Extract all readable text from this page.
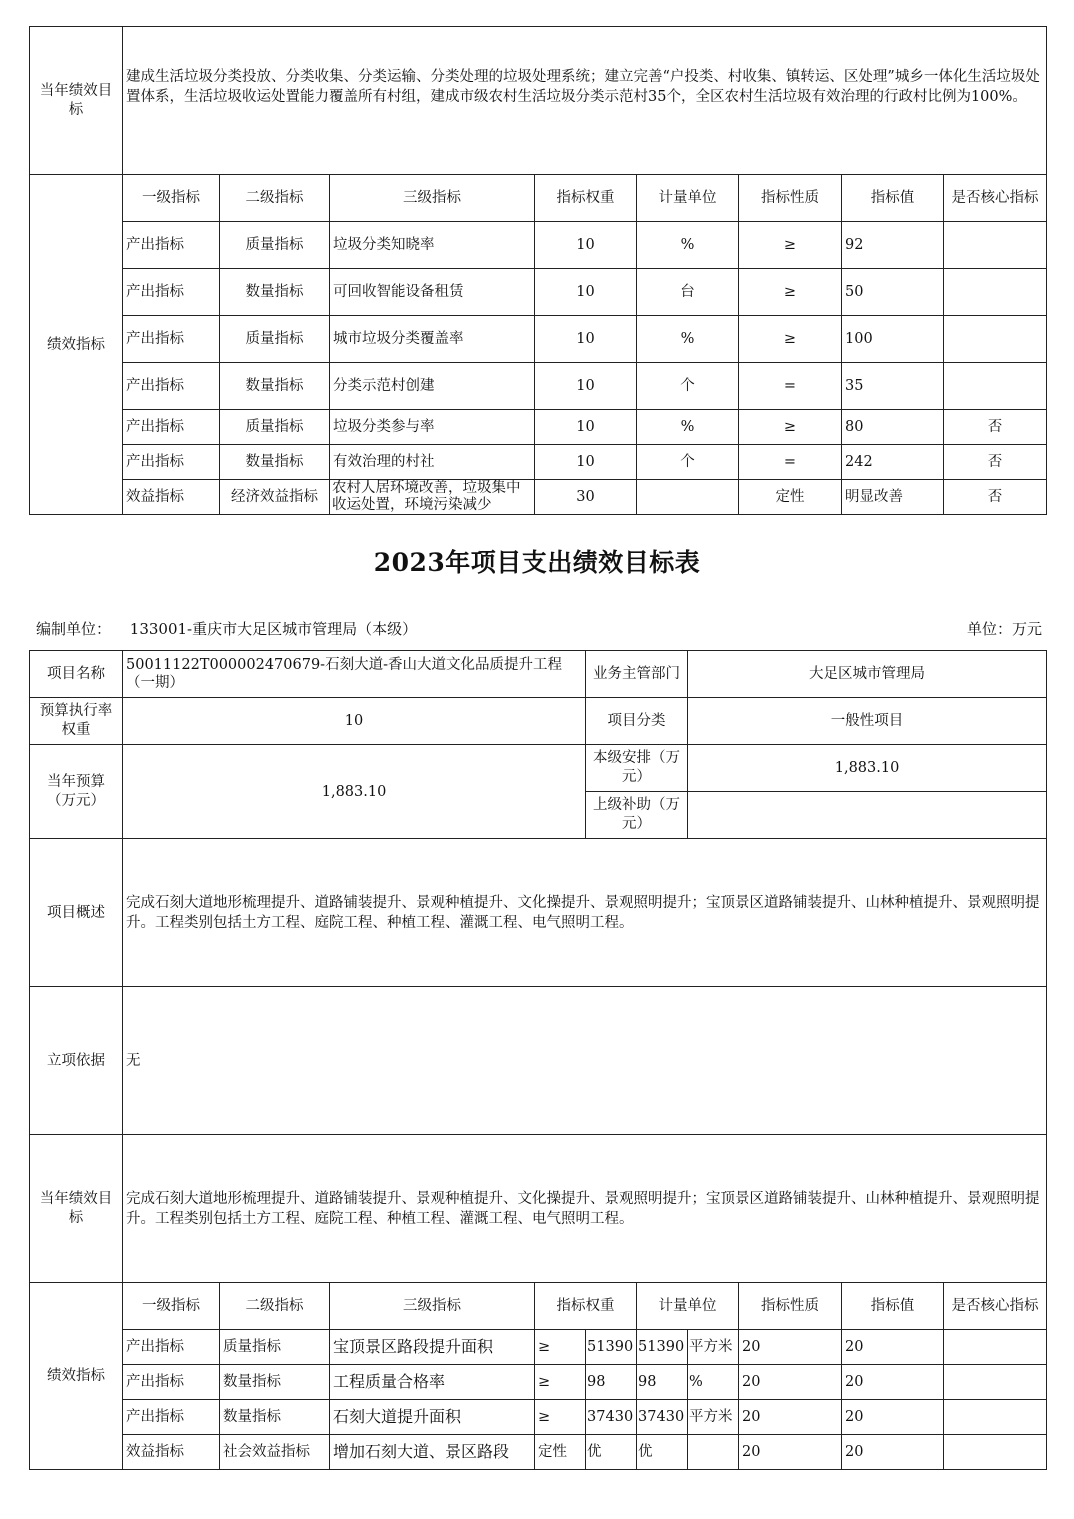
当年绩效目标	建成生活垃圾分类投放、分类收集、分类运输、分类处理的垃圾处理系统；建立完善“户投类、村收集、镇转运、区处理”城乡一体化生活垃圾处置体系，生活垃圾收运处置能力覆盖所有村组，建成市级农村生活垃圾分类示范村35个，全区农村生活垃圾有效治理的行政村比例为100%。							
绩效指标	一级指标	二级指标	三级指标	指标权重	计量单位	指标性质	指标值	是否核心指标
	产出指标	质量指标	垃圾分类知晓率	10	%	≥	92	
	产出指标	数量指标	可回收智能设备租赁	10	台	≥	50	
	产出指标	质量指标	城市垃圾分类覆盖率	10	%	≥	100	
	产出指标	数量指标	分类示范村创建	10	个	=	35	
	产出指标	质量指标	垃圾分类参与率	10	%	≥	80	否
	产出指标	数量指标	有效治理的村社	10	个	=	242	否
	效益指标	经济效益指标	农村人居环境改善，垃圾集中收运处置，环境污染减少	30		定性	明显改善	否
2023年项目支出绩效目标表
编制单位： 133001-重庆市大足区城市管理局（本级）	单位：万元
项目名称	50011122T000002470679-石刻大道-香山大道文化品质提升工程（一期）				业务主管部门		大足区城市管理局			
预算执行率权重	10				项目分类		一般性项目			
当年预算（万元）	1,883.10				本级安排（万元）		1,883.10			
					上级补助（万元）					
项目概述	完成石刻大道地形梳理提升、道路铺装提升、景观种植提升、文化操提升、景观照明提升；宝顶景区道路铺装提升、山林种植提升、景观照明提升。工程类别包括土方工程、庭院工程、种植工程、灌溉工程、电气照明工程。									
立项依据	无									
当年绩效目标	完成石刻大道地形梳理提升、道路铺装提升、景观种植提升、文化操提升、景观照明提升；宝顶景区道路铺装提升、山林种植提升、景观照明提升。工程类别包括土方工程、庭院工程、种植工程、灌溉工程、电气照明工程。									
绩效指标	一级指标	二级指标	三级指标	指标权重		计量单位		指标性质	指标值	是否核心指标
	产出指标	质量指标	宝顶景区路段提升面积	≥	51390	51390	平方米	20	20	
	产出指标	数量指标	工程质量合格率	≥	98	98	%	20	20	
	产出指标	数量指标	石刻大道提升面积	≥	37430	37430	平方米	20	20	
	效益指标	社会效益指标	增加石刻大道、景区路段	定性	优	优		20	20	
